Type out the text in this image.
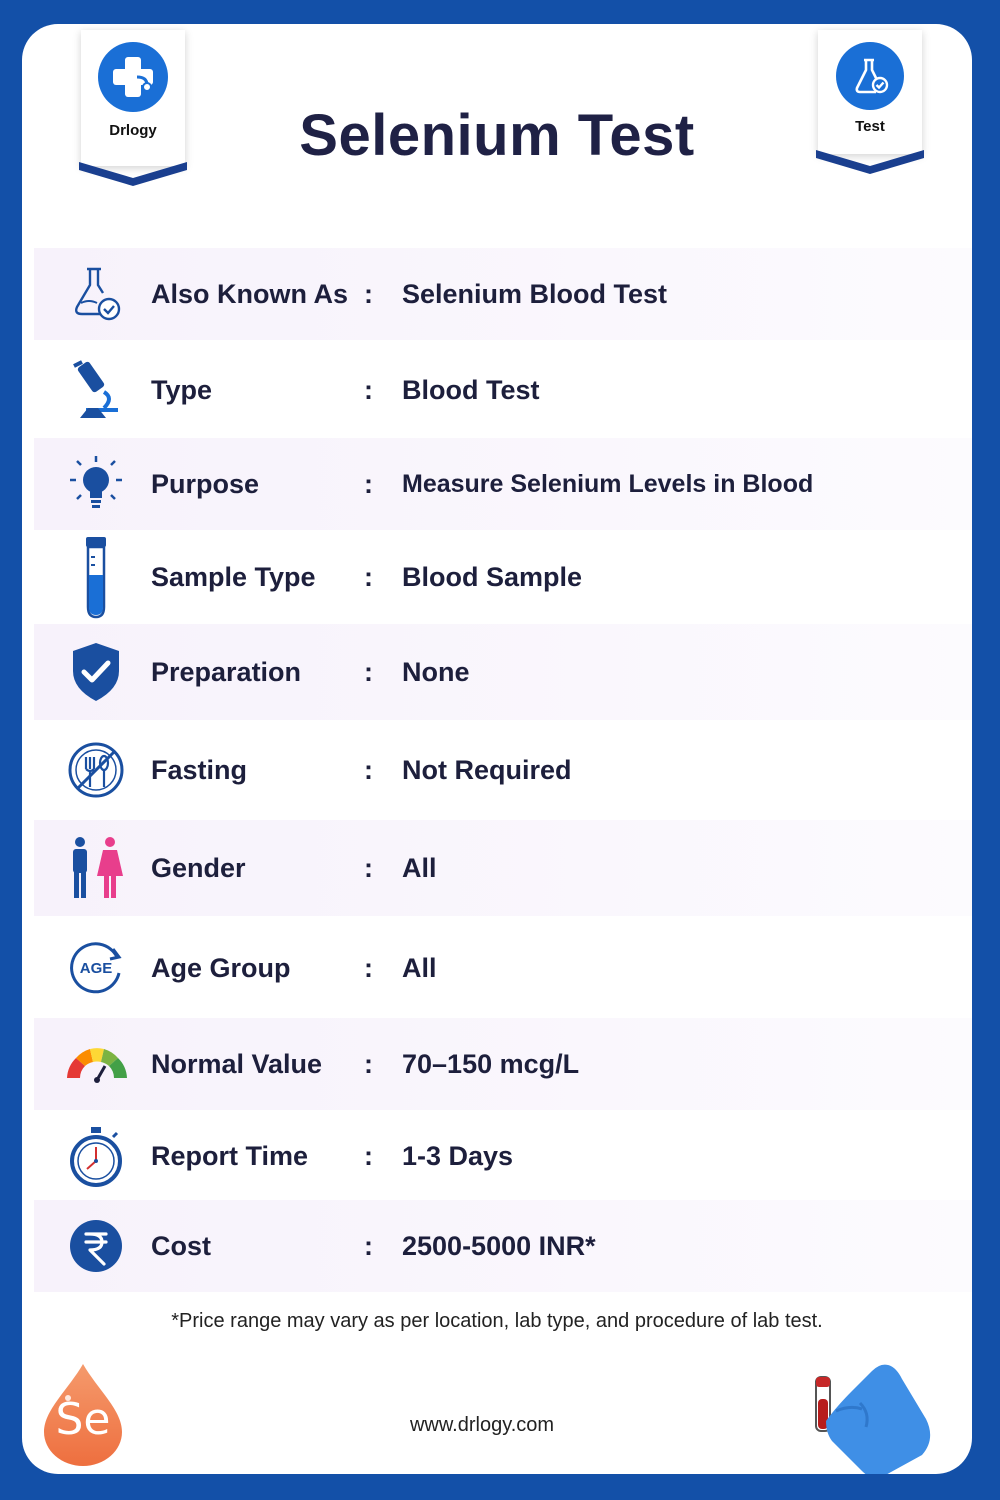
Drlogy	Selenium Test	Test
Also Known As : Selenium Blood Test
Type	: Blood Test
Purpose	: Measure Selenium Levels in Blood
Sample Type : Blood Sample
Preparation : None
Fasting	: Not Required
Gender	: All
AGE Age Group	: All
Normal Value : 70–150 mcg/L
Report Time : 1-3 Days
Cost	: 2500-5000 INR*
*Price range may vary as per location, lab type, and procedure of lab test.
Se	www.drlogy.com
